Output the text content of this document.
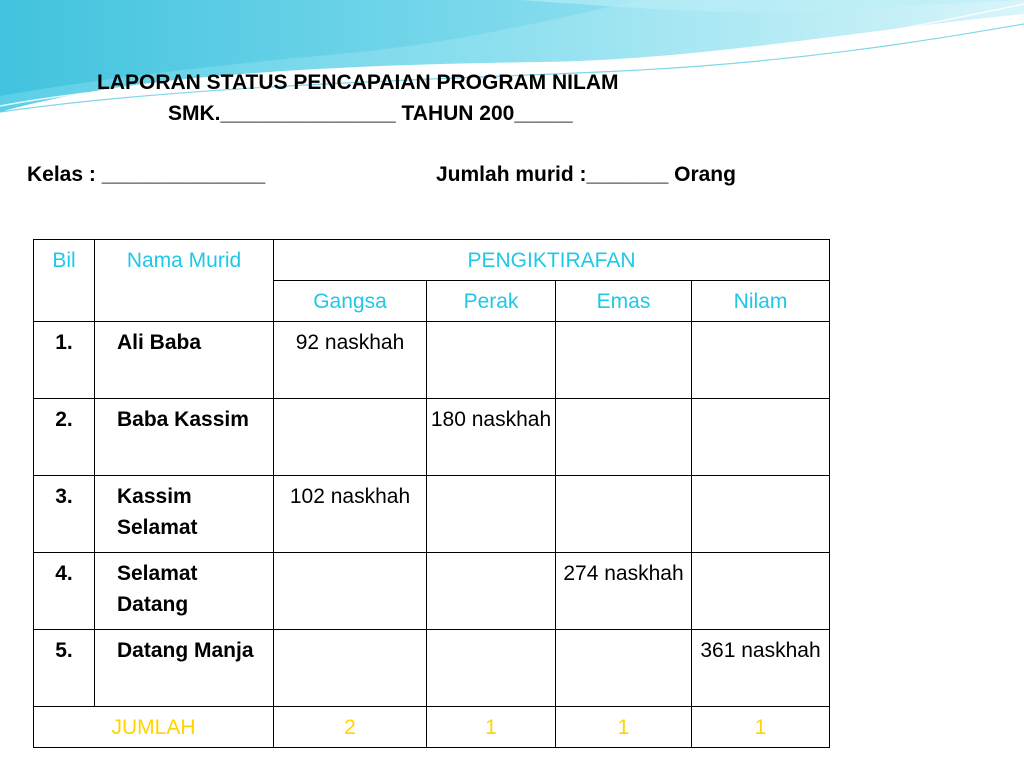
LAPORAN STATUS PENCAPAIAN PROGRAM NILAM
SMK._______________ TAHUN 200_____
Kelas : ______________	Jumlah murid :_______ Orang
Bil	Nama Murid	PENGIKTIRAFAN			
		Gangsa	Perak	Emas	Nilam
1.	Ali Baba	92 naskhah			
2.	Baba Kassim		180 naskhah		
3.	Kassim Selamat	102 naskhah			
4.	Selamat Datang			274 naskhah	
5.	Datang Manja				361 naskhah
JUMLAH		2	1	1	1
